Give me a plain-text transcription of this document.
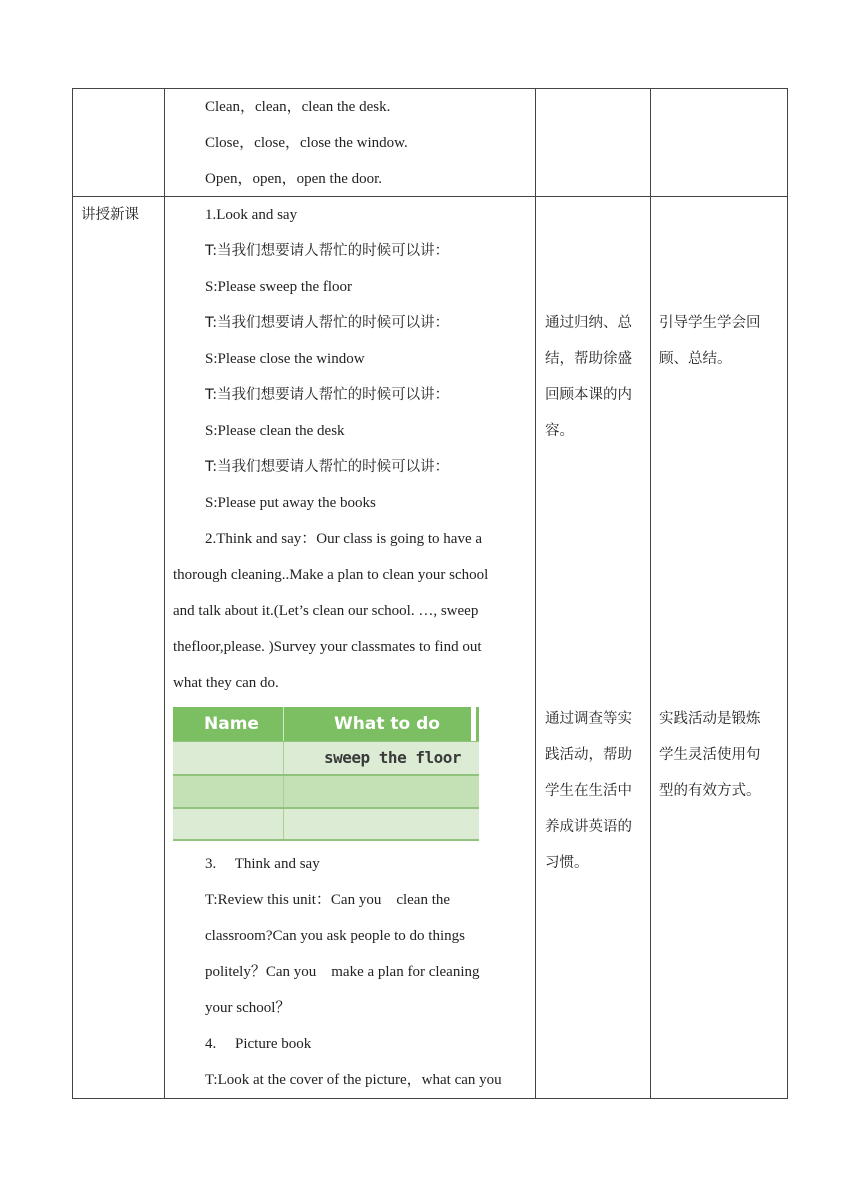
Clean，clean，clean the desk.
Close，close，close the window.
Open，open，open the door.
讲授新课	1.Look and say
T:当我们想要请人帮忙的时候可以讲：
S:Please sweep the floor
T:当我们想要请人帮忙的时候可以讲：
S:Please close the window
T:当我们想要请人帮忙的时候可以讲：
S:Please clean the desk
T:当我们想要请人帮忙的时候可以讲：
S:Please put away the books
2.Think and say：Our class is going to have a
thorough cleaning..Make a plan to clean your school
and talk about it.(Let’s clean our school. …, sweep
thefloor,please. )Survey your classmates to find out
what they can do.
Name	What to do
sweep the floor
3.     Think and say
T:Review this unit：Can you    clean the
classroom?Can you ask people to do things
politely？Can you    make a plan for cleaning
your school？
4.     Picture book
T:Look at the cover of the picture，what can you
通过归纳、总
结，帮助徐盛
回顾本课的内
容。
通过调查等实
践活动，帮助
学生在生活中
养成讲英语的
习惯。
引导学生学会回
顾、总结。
实践活动是锻炼
学生灵活使用句
型的有效方式。
